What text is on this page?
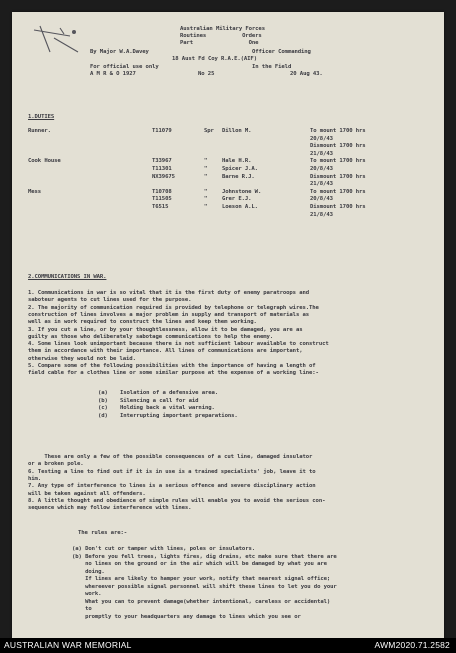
Australian Military Forces
Routines           Orders
Part                 One
By Major W.A.Davey	Officer Commanding
18 Aust Fd Coy R.A.E.(AIF)
For official use only	In the Field
A M R & O 1927	No 25	20 Aug 43.
1.DUTIES
Runner.	T11079	Spr Dillon M.	To mount 1700 hrs
20/8/43
Dismount 1700 hrs
21/8/43
Cook House	T33967	"	Hale H.R.	To mount 1700 hrs
T11301	"	Spicer J.A.	20/8/43
NX39675	"	Barne R.J.	Dismount 1700 hrs
21/8/43
Mess	T10708	"	Johnstone W.	To mount 1700 hrs
T11505	"	Grer E.J.	20/8/43
T6515	"	Loeson A.L.	Dismount 1700 hrs
21/8/43
2.COMMUNICATIONS IN WAR.
1. Communications in war is so vital that it is the first duty of enemy paratroops and
saboteur agents to cut lines used for the purpose.
2. The majority of communication required is provided by telephone or telegraph wires.The
construction of lines involves a major problem in supply and transport of materials as
well as in work required to construct the lines and keep them working.
3. If you cut a line, or by your thoughtlessness, allow it to be damaged, you are as
guilty as those who deliberately sabotage communications to help the enemy.
4. Some lines look unimportant because there is not sufficient labour available to construct
them in accordance with their importance. All lines of communications are important,
otherwise they would not be laid.
5. Compare some of the following possibilities with the importance of having a length of
field cable for a clothes line or some similar purpose at the expense of a working line:-
(a) Isolation of a defensive area.
(b) Silencing a call for aid
(c) Holding back a vital warning.
(d) Interrupting important preparations.
These are only a few of the possible consequences of a cut line, damaged insulator
or a broken pole.
6. Testing a line to find out if it is in use is a trained specialists' job, leave it to
him.
7. Any type of interference to lines is a serious offence and severe disciplinary action
will be taken against all offenders.
8. A little thought and obedience of simple rules will enable you to avoid the serious con-
sequence which may follow interference with lines.
The rules are:-
(a) Don't cut or tamper with lines, poles or insulators.
(b) Before you fell trees, lights fires, dig drains, etc make sure that there are
no lines on the ground or in the air which will be damaged by what you are
doing.
If lines are likely to hamper your work, notify that nearest signal office;
whereever possible signal personnel will shift these lines to let you do your
work.
What you can to prevent damage(whether intentional, careless or accidental)
to
promptly to your headquarters any damage to lines which you see or
AUSTRALIAN WAR MEMORIAL	AWM2020.71.2582
